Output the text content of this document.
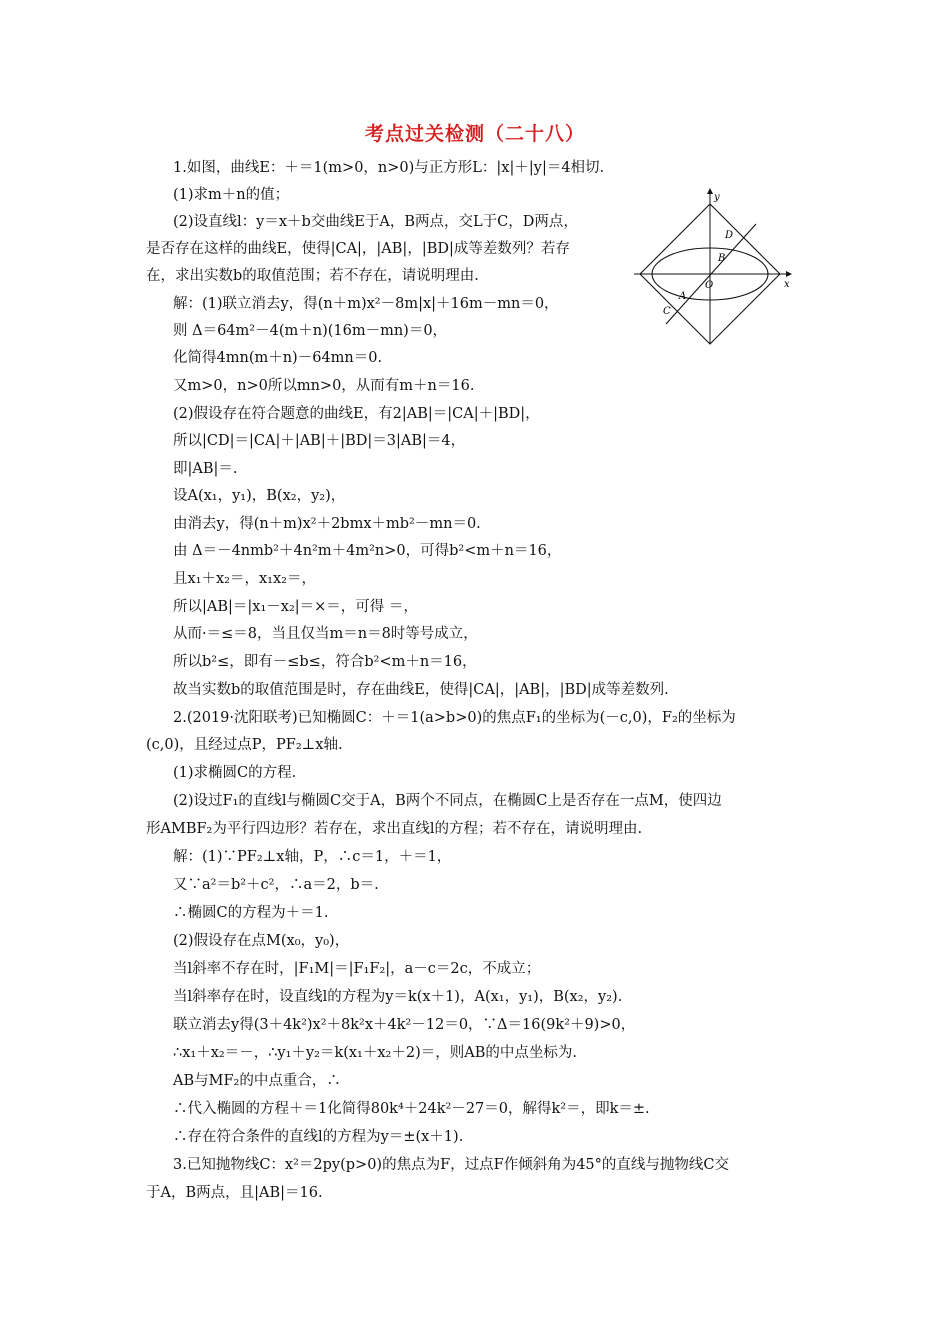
考点过关检测（二十八）
1.如图，曲线E：＋＝1(m>0，n>0)与正方形L：|x|＋|y|＝4相切.
(1)求m＋n的值；
(2)设直线l：y＝x＋b交曲线E于A，B两点，交L于C，D两点，
是否存在这样的曲线E，使得|CA|，|AB|，|BD|成等差数列？若存
在，求出实数b的取值范围；若不存在，请说明理由.
解：(1)联立消去y，得(n＋m)x²－8m|x|＋16m－mn＝0，
则 Δ＝64m²－4(m＋n)(16m－mn)＝0，
化简得4mn(m＋n)－64mn＝0.
又m>0，n>0所以mn>0，从而有m＋n＝16.
(2)假设存在符合题意的曲线E，有2|AB|＝|CA|＋|BD|，
所以|CD|＝|CA|＋|AB|＋|BD|＝3|AB|＝4，
即|AB|＝.
设A(x₁，y₁)，B(x₂，y₂)，
由消去y，得(n＋m)x²＋2bmx＋mb²－mn＝0.
由 Δ＝－4nmb²＋4n²m＋4m²n>0，可得b²<m＋n＝16，
且x₁＋x₂＝，x₁x₂＝，
所以|AB|＝|x₁－x₂|＝×＝，可得 ＝，
从而·＝≤＝8，当且仅当m＝n＝8时等号成立，
所以b²≤，即有－≤b≤，符合b²<m＋n＝16，
故当实数b的取值范围是时，存在曲线E，使得|CA|，|AB|，|BD|成等差数列.
2.(2019·沈阳联考)已知椭圆C：＋＝1(a>b>0)的焦点F₁的坐标为(－c,0)，F₂的坐标为
(c,0)，且经过点P，PF₂⊥x轴.
(1)求椭圆C的方程.
(2)设过F₁的直线l与椭圆C交于A，B两个不同点，在椭圆C上是否存在一点M，使四边
形AMBF₂为平行四边形？若存在，求出直线l的方程；若不存在，请说明理由.
解：(1)∵PF₂⊥x轴，P，∴c＝1，＋＝1，
又∵a²＝b²＋c²，∴a＝2，b＝.
∴椭圆C的方程为＋＝1.
(2)假设存在点M(x₀，y₀)，
当l斜率不存在时，|F₁M|＝|F₁F₂|，a－c＝2c，不成立；
当l斜率存在时，设直线l的方程为y＝k(x＋1)，A(x₁，y₁)，B(x₂，y₂).
联立消去y得(3＋4k²)x²＋8k²x＋4k²－12＝0，∵Δ＝16(9k²＋9)>0，
∴x₁＋x₂＝－，∴y₁＋y₂＝k(x₁＋x₂＋2)＝，则AB的中点坐标为.
AB与MF₂的中点重合，∴
∴代入椭圆的方程＋＝1化简得80k⁴＋24k²－27＝0，解得k²＝，即k＝±.
∴存在符合条件的直线l的方程为y＝±(x＋1).
3.已知抛物线C：x²＝2py(p>0)的焦点为F，过点F作倾斜角为45°的直线与抛物线C交
于A，B两点，且|AB|＝16.
y
x
D
B
O
A
C
